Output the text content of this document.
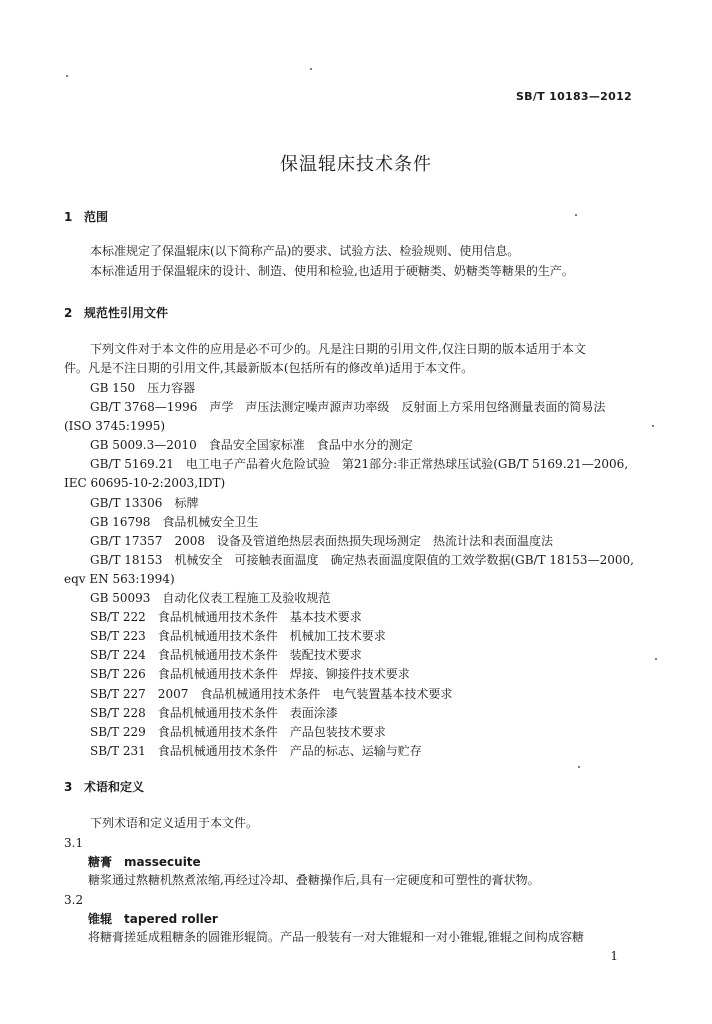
SB/T 10183—2012
保温辊床技术条件
1 范围
本标准规定了保温辊床(以下简称产品)的要求、试验方法、检验规则、使用信息。
本标准适用于保温辊床的设计、制造、使用和检验,也适用于硬糖类、奶糖类等糖果的生产。
2 规范性引用文件
下列文件对于本文件的应用是必不可少的。凡是注日期的引用文件,仅注日期的版本适用于本文
件。凡是不注日期的引用文件,其最新版本(包括所有的修改单)适用于本文件。
GB 150　压力容器
GB/T 3768—1996　声学　声压法测定噪声源声功率级　反射面上方采用包络测量表面的简易法
(ISO 3745:1995)
GB 5009.3—2010　食品安全国家标准　食品中水分的测定
GB/T 5169.21　电工电子产品着火危险试验　第21部分:非正常热球压试验(GB/T 5169.21—2006,
IEC 60695-10-2:2003,IDT)
GB/T 13306　标牌
GB 16798　食品机械安全卫生
GB/T 17357　2008　设备及管道绝热层表面热损失现场测定　热流计法和表面温度法
GB/T 18153　机械安全　可接触表面温度　确定热表面温度限值的工效学数据(GB/T 18153—2000,
eqv EN 563:1994)
GB 50093　自动化仪表工程施工及验收规范
SB/T 222　食品机械通用技术条件　基本技术要求
SB/T 223　食品机械通用技术条件　机械加工技术要求
SB/T 224　食品机械通用技术条件　装配技术要求
SB/T 226　食品机械通用技术条件　焊接、铆接件技术要求
SB/T 227　2007　食品机械通用技术条件　电气装置基本技术要求
SB/T 228　食品机械通用技术条件　表面涂漆
SB/T 229　食品机械通用技术条件　产品包装技术要求
SB/T 231　食品机械通用技术条件　产品的标志、运输与贮存
3 术语和定义
下列术语和定义适用于本文件。
3.1
糖膏 massecuite
糖浆通过熬糖机熬煮浓缩,再经过冷却、叠糖操作后,具有一定硬度和可塑性的膏状物。
3.2
锥辊 tapered roller
将糖膏搓延成粗糖条的圆锥形辊筒。产品一般装有一对大锥辊和一对小锥辊,锥辊之间构成容糖
1
